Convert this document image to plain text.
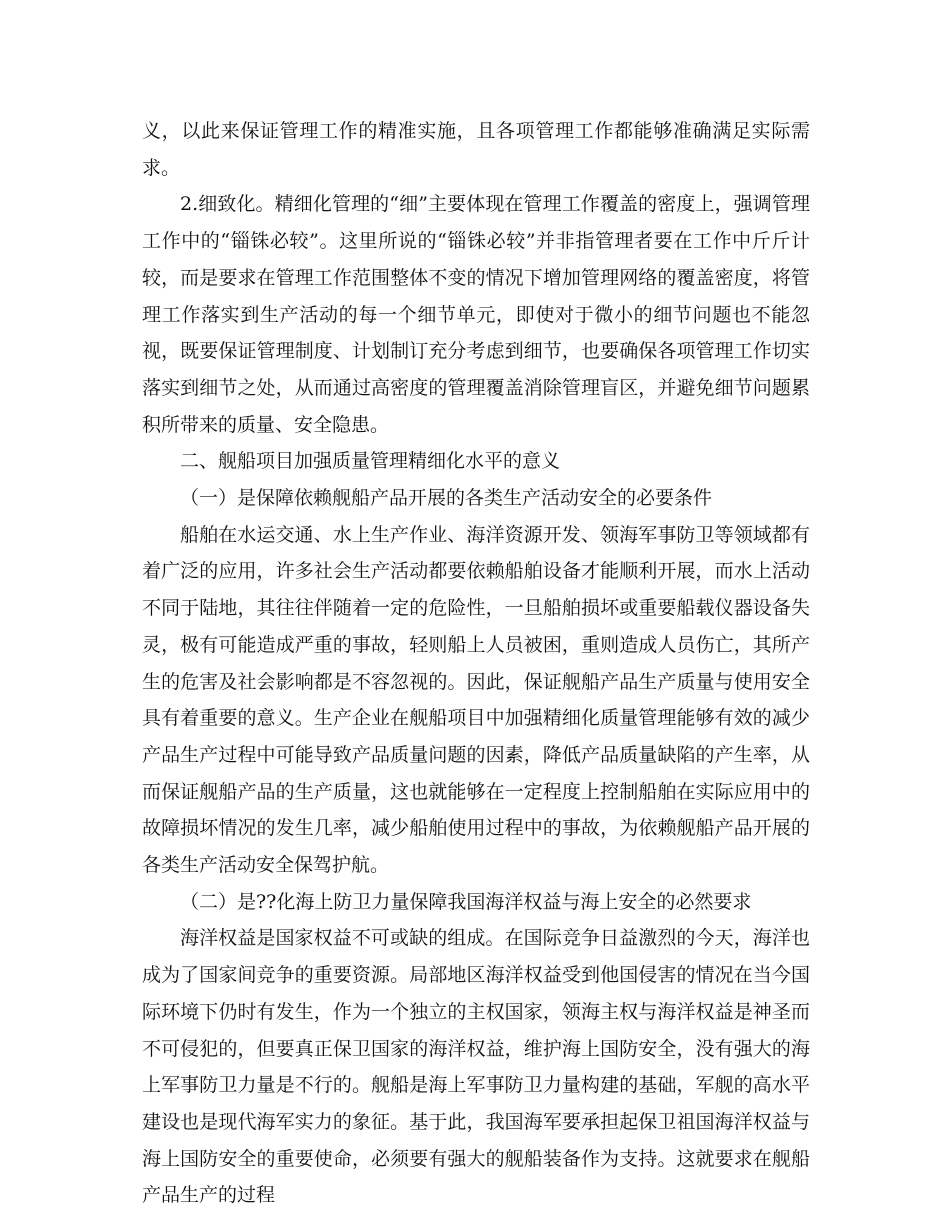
义，以此来保证管理工作的精准实施，且各项管理工作都能够准确满足实际需求。

2.细致化。精细化管理的“细”主要体现在管理工作覆盖的密度上，强调管理工作中的“锱铢必较”。这里所说的“锱铢必较”并非指管理者要在工作中斤斤计较，而是要求在管理工作范围整体不变的情况下增加管理网络的覆盖密度，将管理工作落实到生产活动的每一个细节单元，即使对于微小的细节问题也不能忽视，既要保证管理制度、计划制订充分考虑到细节，也要确保各项管理工作切实落实到细节之处，从而通过高密度的管理覆盖消除管理盲区，并避免细节问题累积所带来的质量、安全隐患。

二、舰船项目加强质量管理精细化水平的意义

（一）是保障依赖舰船产品开展的各类生产活动安全的必要条件

船舶在水运交通、水上生产作业、海洋资源开发、领海军事防卫等领域都有着广泛的应用，许多社会生产活动都要依赖船舶设备才能顺利开展，而水上活动不同于陆地，其往往伴随着一定的危险性，一旦船舶损坏或重要船载仪器设备失灵，极有可能造成严重的事故，轻则船上人员被困，重则造成人员伤亡，其所产生的危害及社会影响都是不容忽视的。因此，保证舰船产品生产质量与使用安全具有着重要的意义。生产企业在舰船项目中加强精细化质量管理能够有效的减少产品生产过程中可能导致产品质量问题的因素，降低产品质量缺陷的产生率，从而保证舰船产品的生产质量，这也就能够在一定程度上控制船舶在实际应用中的故障损坏情况的发生几率，减少船舶使用过程中的事故，为依赖舰船产品开展的各类生产活动安全保驾护航。

（二）是??化海上防卫力量保障我国海洋权益与海上安全的必然要求

海洋权益是国家权益不可或缺的组成。在国际竞争日益激烈的今天，海洋也成为了国家间竞争的重要资源。局部地区海洋权益受到他国侵害的情况在当今国际环境下仍时有发生，作为一个独立的主权国家，领海主权与海洋权益是神圣而不可侵犯的，但要真正保卫国家的海洋权益，维护海上国防安全，没有强大的海上军事防卫力量是不行的。舰船是海上军事防卫力量构建的基础，军舰的高水平建设也是现代海军实力的象征。基于此，我国海军要承担起保卫祖国海洋权益与海上国防安全的重要使命，必须要有强大的舰船装备作为支持。这就要求在舰船产品生产的过程
